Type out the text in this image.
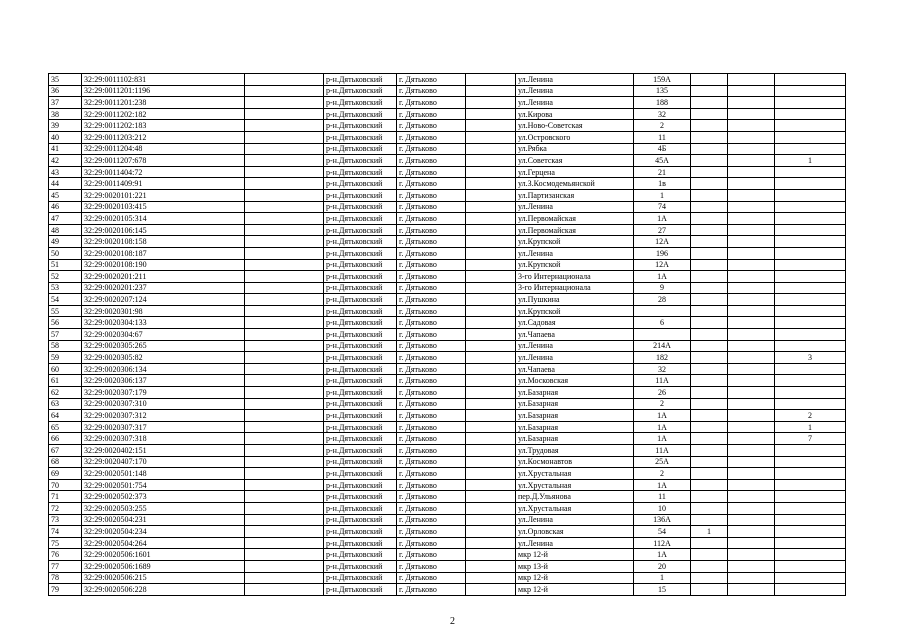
35	32:29:0011102:831		р-н.Дятьковский	г. Дятьково		ул.Ленина	159А			
36	32:29:0011201:1196		р-н.Дятьковский	г. Дятьково		ул.Ленина	135			
37	32:29:0011201:238		р-н.Дятьковский	г. Дятьково		ул.Ленина	188			
38	32:29:0011202:182		р-н.Дятьковский	г. Дятьково		ул.Кирова	32			
39	32:29:0011202:183		р-н.Дятьковский	г. Дятьково		ул.Ново-Советская	2			
40	32:29:0011203:212		р-н.Дятьковский	г. Дятьково		ул.Островского	11			
41	32:29:0011204:48		р-н.Дятьковский	г. Дятьково		ул.Рябка	4Б			
42	32:29:0011207:678		р-н.Дятьковский	г. Дятьково		ул.Советская	45А			1
43	32:29:0011404:72		р-н.Дятьковский	г. Дятьково		ул.Герцена	21			
44	32:29:0011409:91		р-н.Дятьковский	г. Дятьково		ул.З.Космодемьянской	1в			
45	32:29:0020101:221		р-н.Дятьковский	г. Дятьково		ул.Партизанская	1			
46	32:29:0020103:415		р-н.Дятьковский	г. Дятьково		ул.Ленина	74			
47	32:29:0020105:314		р-н.Дятьковский	г. Дятьково		ул.Первомайская	1А			
48	32:29:0020106:145		р-н.Дятьковский	г. Дятьково		ул.Первомайская	27			
49	32:29:0020108:158		р-н.Дятьковский	г. Дятьково		ул.Крупской	12А			
50	32:29:0020108:187		р-н.Дятьковский	г. Дятьково		ул.Ленина	196			
51	32:29:0020108:190		р-н.Дятьковский	г. Дятьково		ул.Крупской	12А			
52	32:29:0020201:211		р-н.Дятьковский	г. Дятьково		3-го Интернационала	1А			
53	32:29:0020201:237		р-н.Дятьковский	г. Дятьково		3-го Интернационала	9			
54	32:29:0020207:124		р-н.Дятьковский	г. Дятьково		ул.Пушкина	28			
55	32:29:0020301:98		р-н.Дятьковский	г. Дятьково		ул.Крупской				
56	32:29:0020304:133		р-н.Дятьковский	г. Дятьково		ул.Садовая	6			
57	32:29:0020304:67		р-н.Дятьковский	г. Дятьково		ул.Чапаева				
58	32:29:0020305:265		р-н.Дятьковский	г. Дятьково		ул.Ленина	214А			
59	32:29:0020305:82		р-н.Дятьковский	г. Дятьково		ул.Ленина	182			3
60	32:29:0020306:134		р-н.Дятьковский	г. Дятьково		ул.Чапаева	32			
61	32:29:0020306:137		р-н.Дятьковский	г. Дятьково		ул.Московская	11А			
62	32:29:0020307:179		р-н.Дятьковский	г. Дятьково		ул.Базарная	26			
63	32:29:0020307:310		р-н.Дятьковский	г. Дятьково		ул.Базарная	2			
64	32:29:0020307:312		р-н.Дятьковский	г. Дятьково		ул.Базарная	1А			2
65	32:29:0020307:317		р-н.Дятьковский	г. Дятьково		ул.Базарная	1А			1
66	32:29:0020307:318		р-н.Дятьковский	г. Дятьково		ул.Базарная	1А			7
67	32:29:0020402:151		р-н.Дятьковский	г. Дятьково		ул.Трудовая	11А			
68	32:29:0020407:170		р-н.Дятьковский	г. Дятьково		ул.Космонавтов	25А			
69	32:29:0020501:148		р-н.Дятьковский	г. Дятьково		ул.Хрустальная	2			
70	32:29:0020501:754		р-н.Дятьковский	г. Дятьково		ул.Хрустальная	1А			
71	32:29:0020502:373		р-н.Дятьковский	г. Дятьково		пер.Д.Ульянова	11			
72	32:29:0020503:255		р-н.Дятьковский	г. Дятьково		ул.Хрустальная	10			
73	32:29:0020504:231		р-н.Дятьковский	г. Дятьково		ул.Ленина	136А			
74	32:29:0020504:234		р-н.Дятьковский	г. Дятьково		ул.Орловская	54	1		
75	32:29:0020504:264		р-н.Дятьковский	г. Дятьково		ул.Ленина	112А			
76	32:29:0020506:1601		р-н.Дятьковский	г. Дятьково		мкр 12-й	1А			
77	32:29:0020506:1689		р-н.Дятьковский	г. Дятьково		мкр 13-й	20			
78	32:29:0020506:215		р-н.Дятьковский	г. Дятьково		мкр 12-й	1			
79	32:29:0020506:228		р-н.Дятьковский	г. Дятьково		мкр 12-й	15			
2
